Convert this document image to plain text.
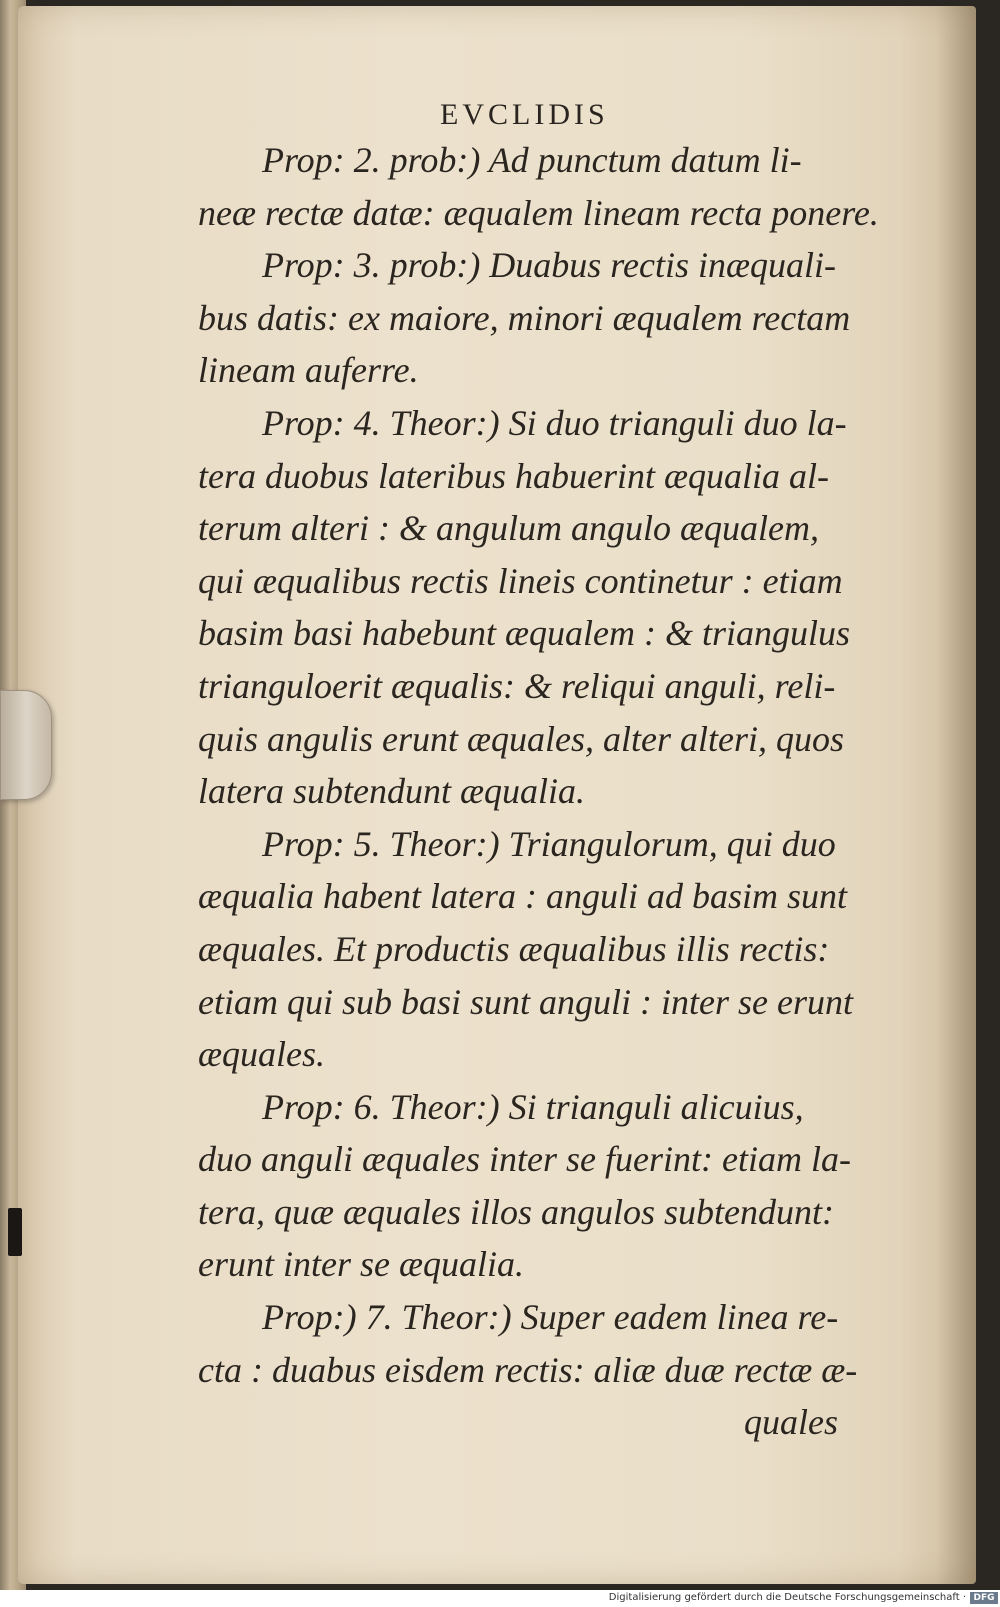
EVCLIDIS
Prop: 2. prob:) Ad punctum datum li-
neæ rectæ datæ: æqualem lineam recta ponere.
Prop: 3. prob:) Duabus rectis inæquali-
bus datis: ex maiore, minori æqualem rectam
lineam auferre.
Prop: 4. Theor:) Si duo trianguli duo la-
tera duobus lateribus habuerint æqualia al-
terum alteri : & angulum angulo æqualem,
qui æqualibus rectis lineis continetur : etiam
basim basi habebunt æqualem : & triangulus
trianguloerit æqualis: & reliqui anguli, reli-
quis angulis erunt æquales, alter alteri, quos
latera subtendunt æqualia.
Prop: 5. Theor:) Triangulorum, qui duo
æqualia habent latera : anguli ad basim sunt
æquales. Et productis æqualibus illis rectis:
etiam qui sub basi sunt anguli : inter se erunt
æquales.
Prop: 6. Theor:) Si trianguli alicuius,
duo anguli æquales inter se fuerint: etiam la-
tera, quæ æquales illos angulos subtendunt:
erunt inter se æqualia.
Prop:) 7. Theor:) Super eadem linea re-
cta : duabus eisdem rectis: aliæ duæ rectæ æ-
quales
Digitalisierung gefördert durch die Deutsche Forschungsgemeinschaft · DFG
